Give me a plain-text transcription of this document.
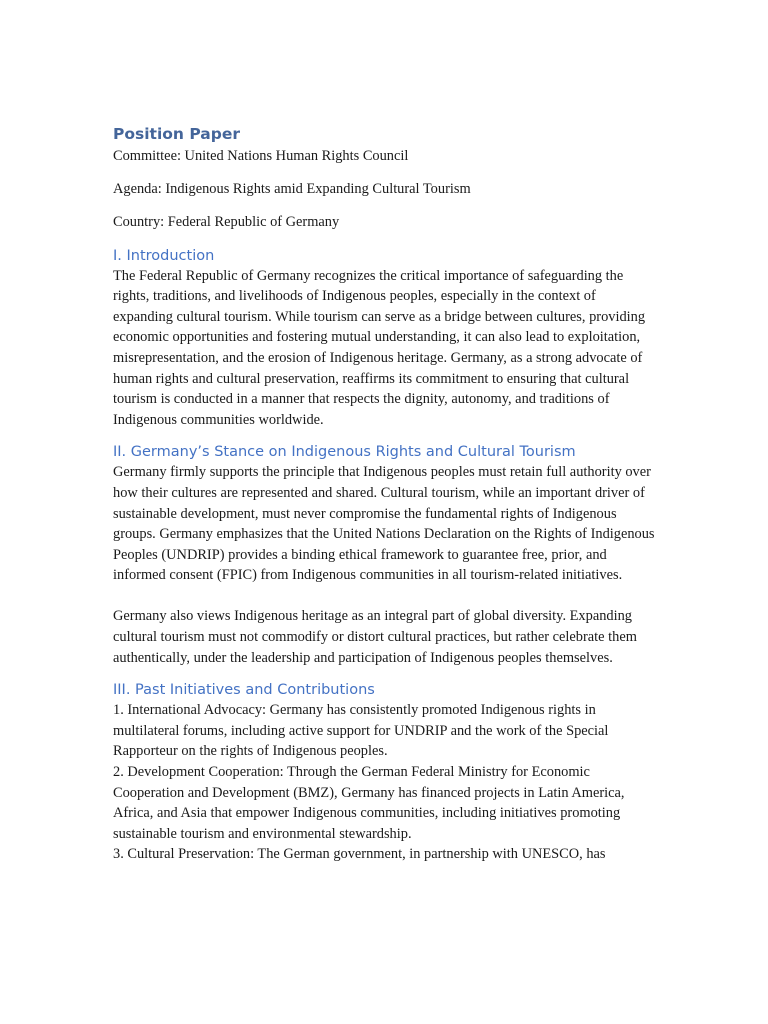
Position Paper

Committee: United Nations Human Rights Council

Agenda: Indigenous Rights amid Expanding Cultural Tourism

Country: Federal Republic of Germany

I. Introduction

The Federal Republic of Germany recognizes the critical importance of safeguarding the rights, traditions, and livelihoods of Indigenous peoples, especially in the context of expanding cultural tourism. While tourism can serve as a bridge between cultures, providing economic opportunities and fostering mutual understanding, it can also lead to exploitation, misrepresentation, and the erosion of Indigenous heritage. Germany, as a strong advocate of human rights and cultural preservation, reaffirms its commitment to ensuring that cultural tourism is conducted in a manner that respects the dignity, autonomy, and traditions of Indigenous communities worldwide.

II. Germany’s Stance on Indigenous Rights and Cultural Tourism

Germany firmly supports the principle that Indigenous peoples must retain full authority over how their cultures are represented and shared. Cultural tourism, while an important driver of sustainable development, must never compromise the fundamental rights of Indigenous groups. Germany emphasizes that the United Nations Declaration on the Rights of Indigenous Peoples (UNDRIP) provides a binding ethical framework to guarantee free, prior, and informed consent (FPIC) from Indigenous communities in all tourism-related initiatives.

Germany also views Indigenous heritage as an integral part of global diversity. Expanding cultural tourism must not commodify or distort cultural practices, but rather celebrate them authentically, under the leadership and participation of Indigenous peoples themselves.

III. Past Initiatives and Contributions

1. International Advocacy: Germany has consistently promoted Indigenous rights in multilateral forums, including active support for UNDRIP and the work of the Special Rapporteur on the rights of Indigenous peoples.

2. Development Cooperation: Through the German Federal Ministry for Economic Cooperation and Development (BMZ), Germany has financed projects in Latin America, Africa, and Asia that empower Indigenous communities, including initiatives promoting sustainable tourism and environmental stewardship.

3. Cultural Preservation: The German government, in partnership with UNESCO, has
